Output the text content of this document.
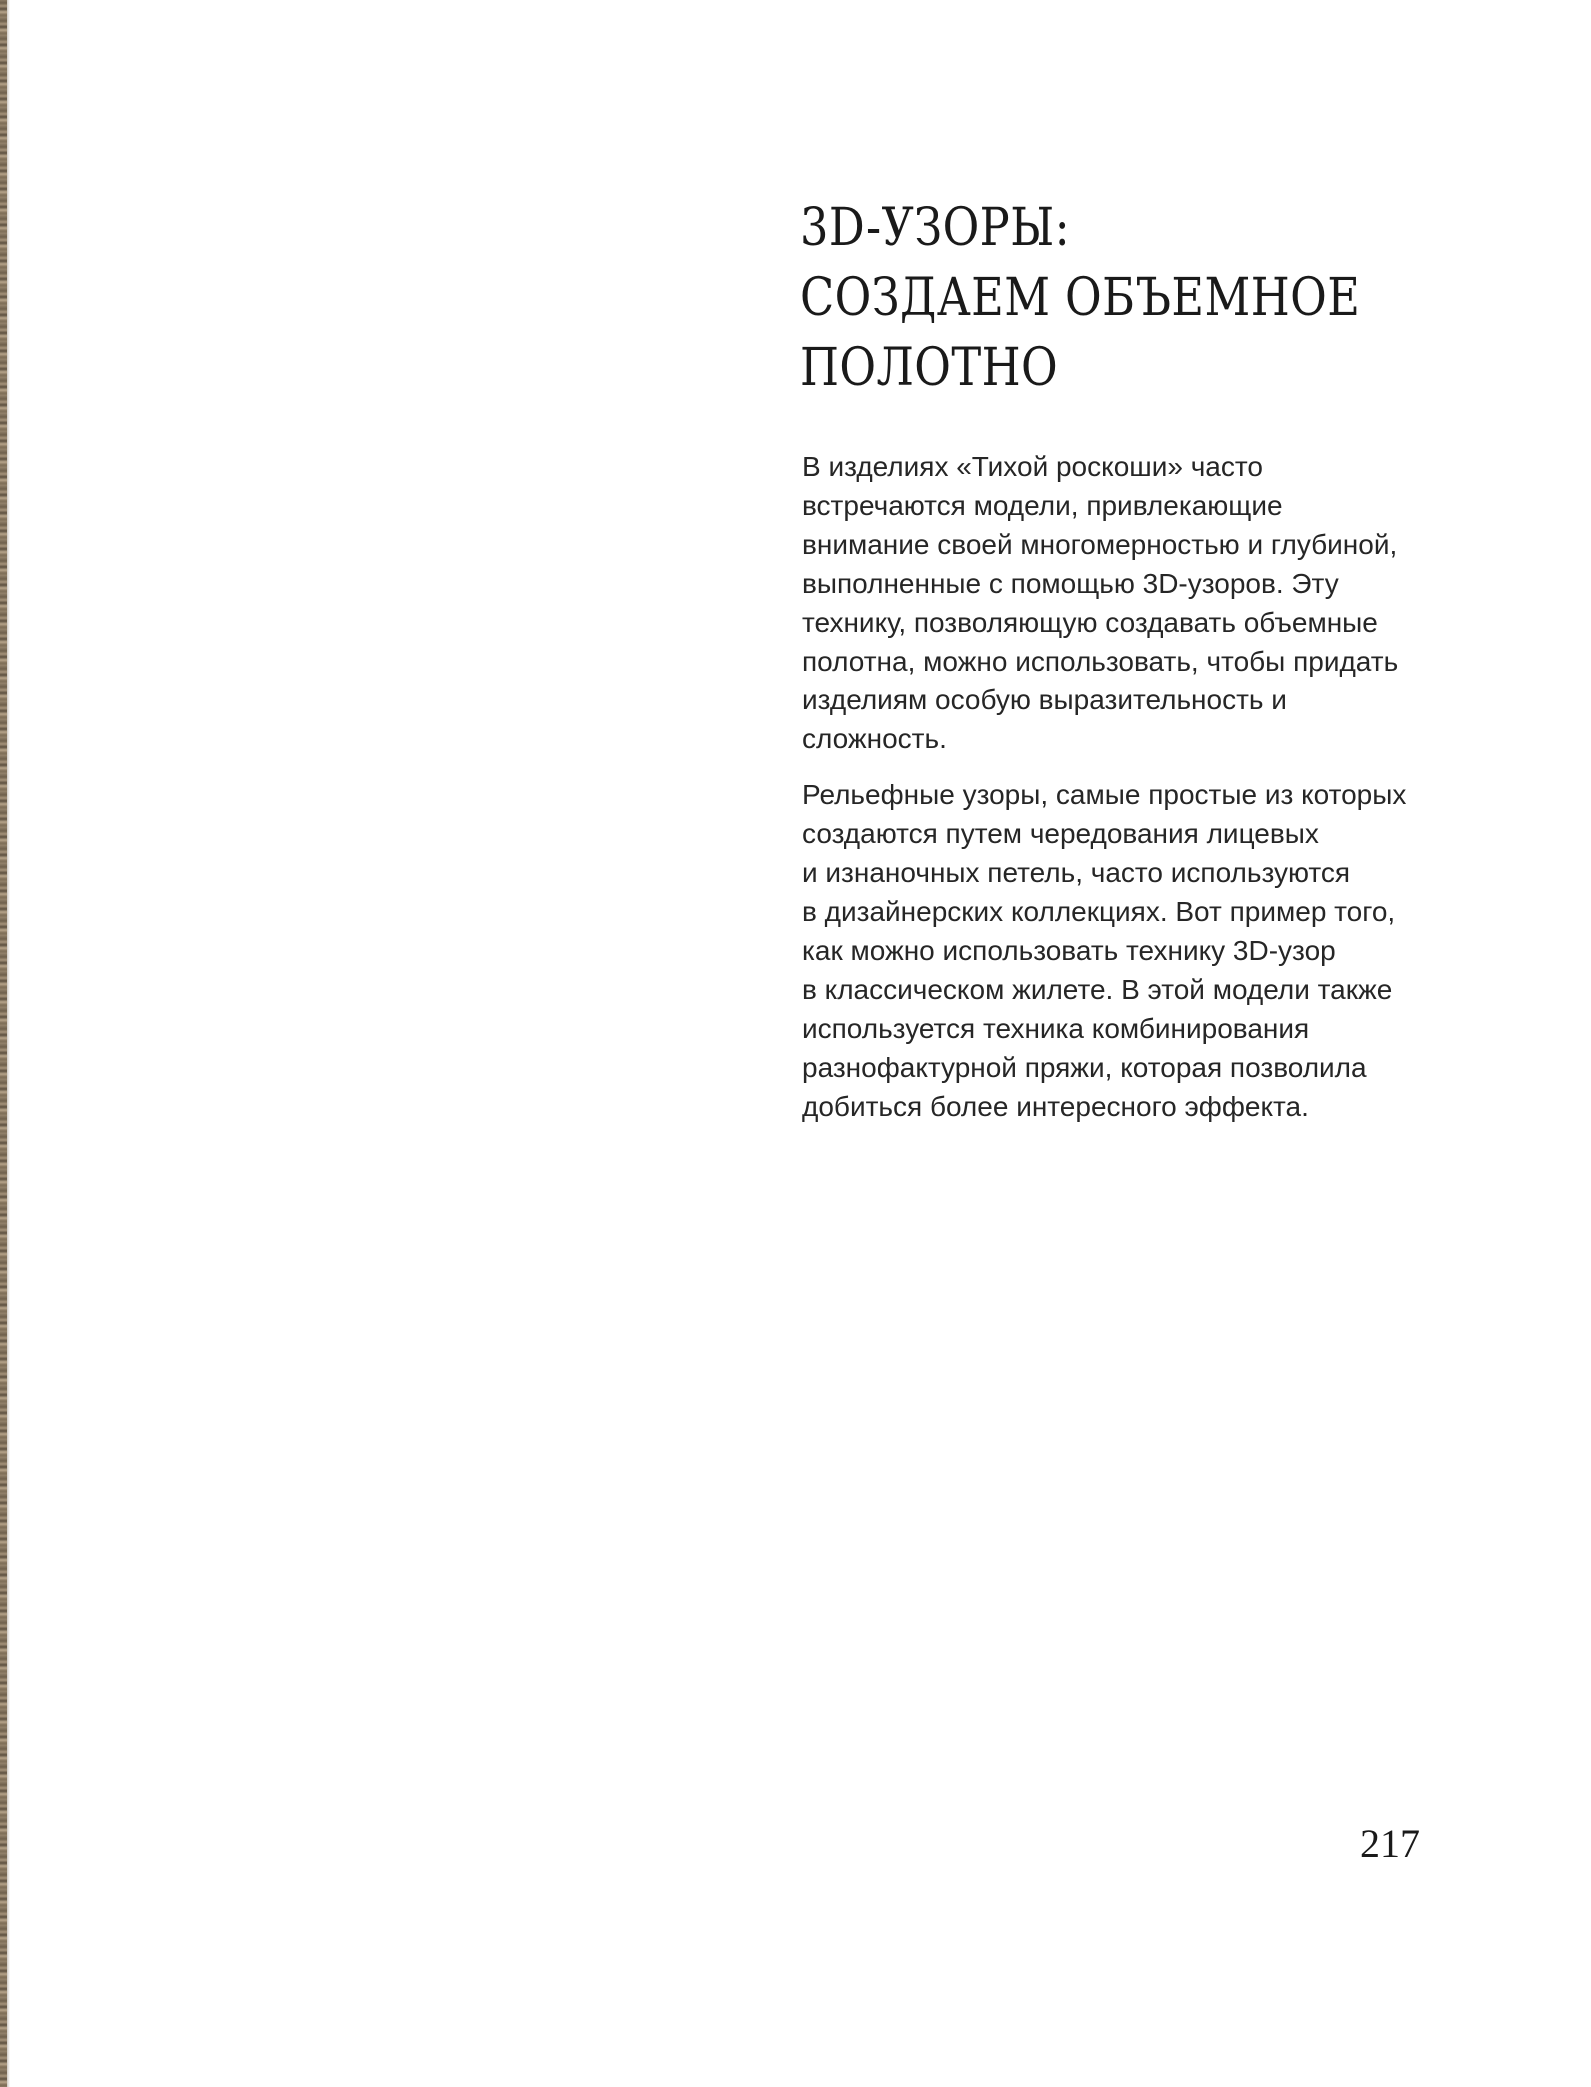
3D-УЗОРЫ:
СОЗДАЕМ ОБЪЕМНОЕ
ПОЛОТНО

В изделиях «Тихой роскоши» часто
встречаются модели, привлекающие
внимание своей многомерностью и глубиной,
выполненные с помощью 3D-узоров. Эту
технику, позволяющую создавать объемные
полотна, можно использовать, чтобы придать
изделиям особую выразительность и
сложность.

Рельефные узоры, самые простые из которых
создаются путем чередования лицевых
и изнаночных петель, часто используются
в дизайнерских коллекциях. Вот пример того,
как можно использовать технику 3D-узор
в классическом жилете. В этой модели также
используется техника комбинирования
разнофактурной пряжи, которая позволила
добиться более интересного эффекта.

217
